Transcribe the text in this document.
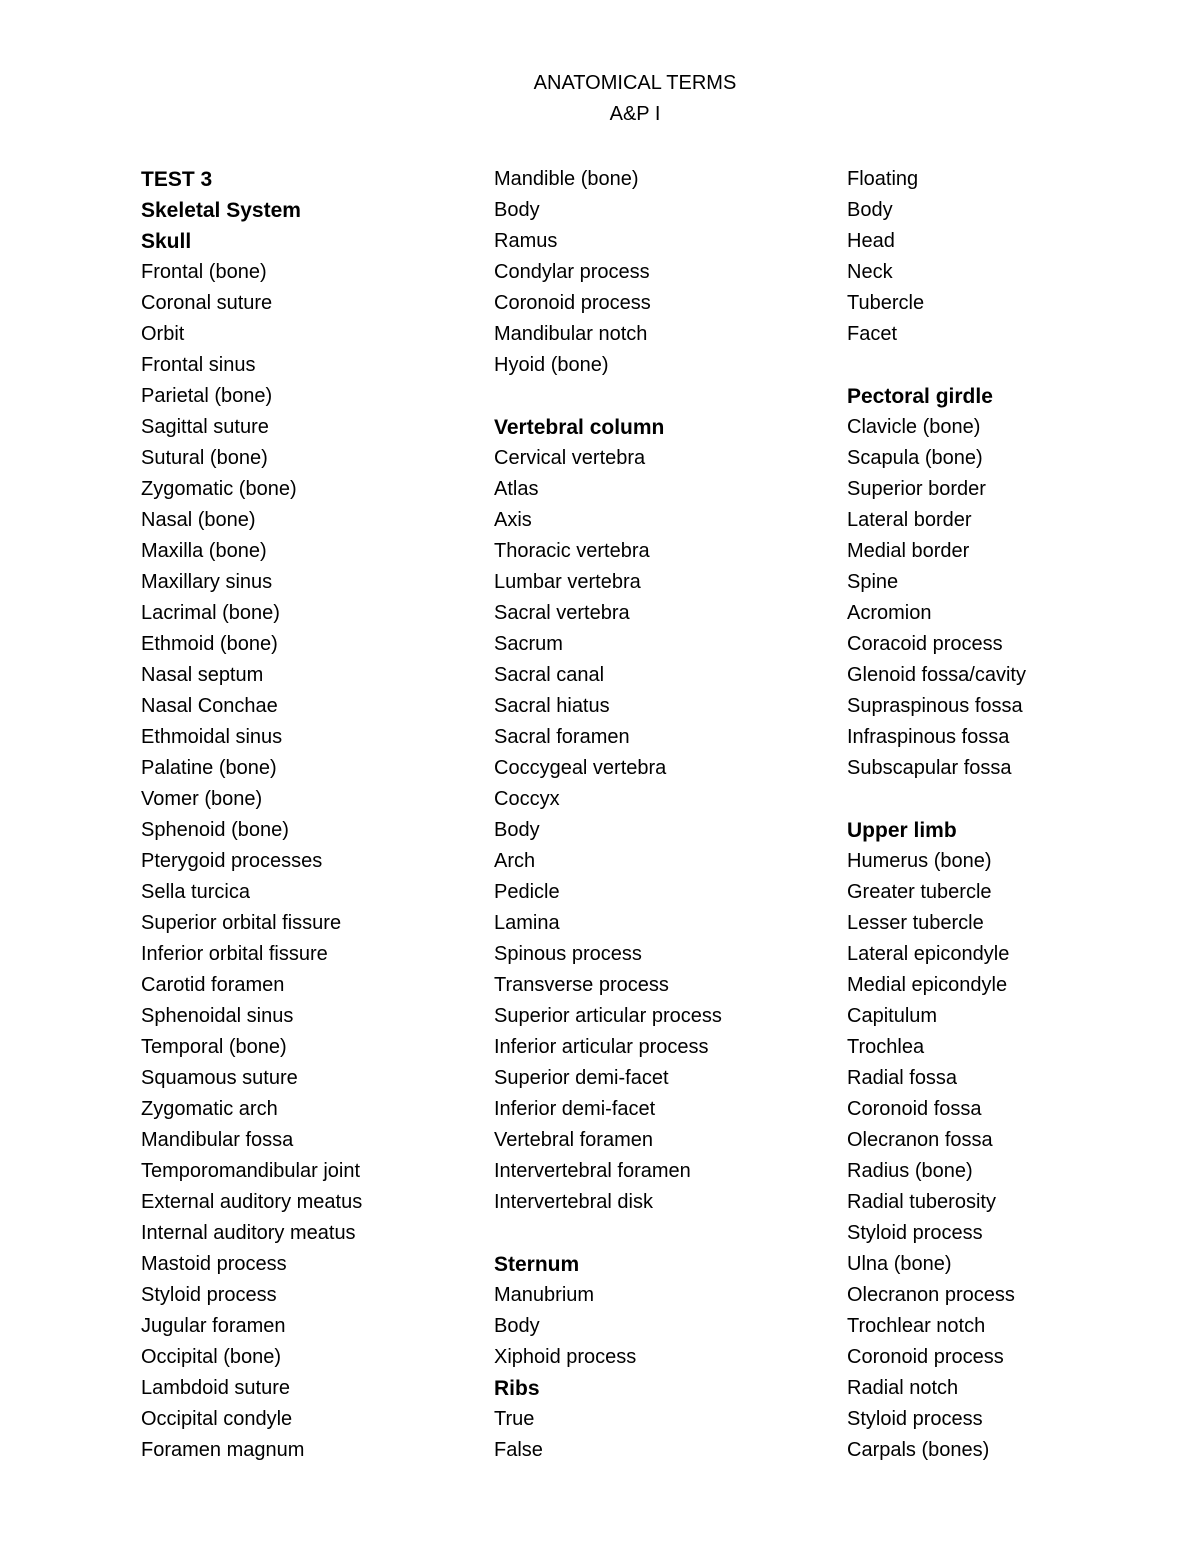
ANATOMICAL TERMS
A&P I
TEST 3
Skeletal System
Skull
Frontal (bone)
Coronal suture
Orbit
Frontal sinus
Parietal (bone)
Sagittal suture
Sutural (bone)
Zygomatic (bone)
Nasal (bone)
Maxilla (bone)
Maxillary sinus
Lacrimal (bone)
Ethmoid (bone)
Nasal septum
Nasal Conchae
Ethmoidal sinus
Palatine (bone)
Vomer (bone)
Sphenoid (bone)
Pterygoid processes
Sella turcica
Superior orbital fissure
Inferior orbital fissure
Carotid foramen
Sphenoidal sinus
Temporal (bone)
Squamous suture
Zygomatic arch
Mandibular fossa
Temporomandibular joint
External auditory meatus
Internal auditory meatus
Mastoid process
Styloid process
Jugular foramen
Occipital (bone)
Lambdoid suture
Occipital condyle
Foramen magnum
Mandible (bone)
Body
Ramus
Condylar process
Coronoid process
Mandibular notch
Hyoid (bone)
Vertebral column
Cervical vertebra
Atlas
Axis
Thoracic vertebra
Lumbar vertebra
Sacral vertebra
Sacrum
Sacral canal
Sacral hiatus
Sacral foramen
Coccygeal vertebra
Coccyx
Body
Arch
Pedicle
Lamina
Spinous process
Transverse process
Superior articular process
Inferior articular process
Superior demi-facet
Inferior demi-facet
Vertebral foramen
Intervertebral foramen
Intervertebral disk
Sternum
Manubrium
Body
Xiphoid process
Ribs
True
False
Floating
Body
Head
Neck
Tubercle
Facet
Pectoral girdle
Clavicle (bone)
Scapula (bone)
Superior border
Lateral border
Medial border
Spine
Acromion
Coracoid process
Glenoid fossa/cavity
Supraspinous fossa
Infraspinous fossa
Subscapular fossa
Upper limb
Humerus (bone)
Greater tubercle
Lesser tubercle
Lateral epicondyle
Medial epicondyle
Capitulum
Trochlea
Radial fossa
Coronoid fossa
Olecranon fossa
Radius (bone)
Radial tuberosity
Styloid process
Ulna (bone)
Olecranon process
Trochlear notch
Coronoid process
Radial notch
Styloid process
Carpals (bones)
